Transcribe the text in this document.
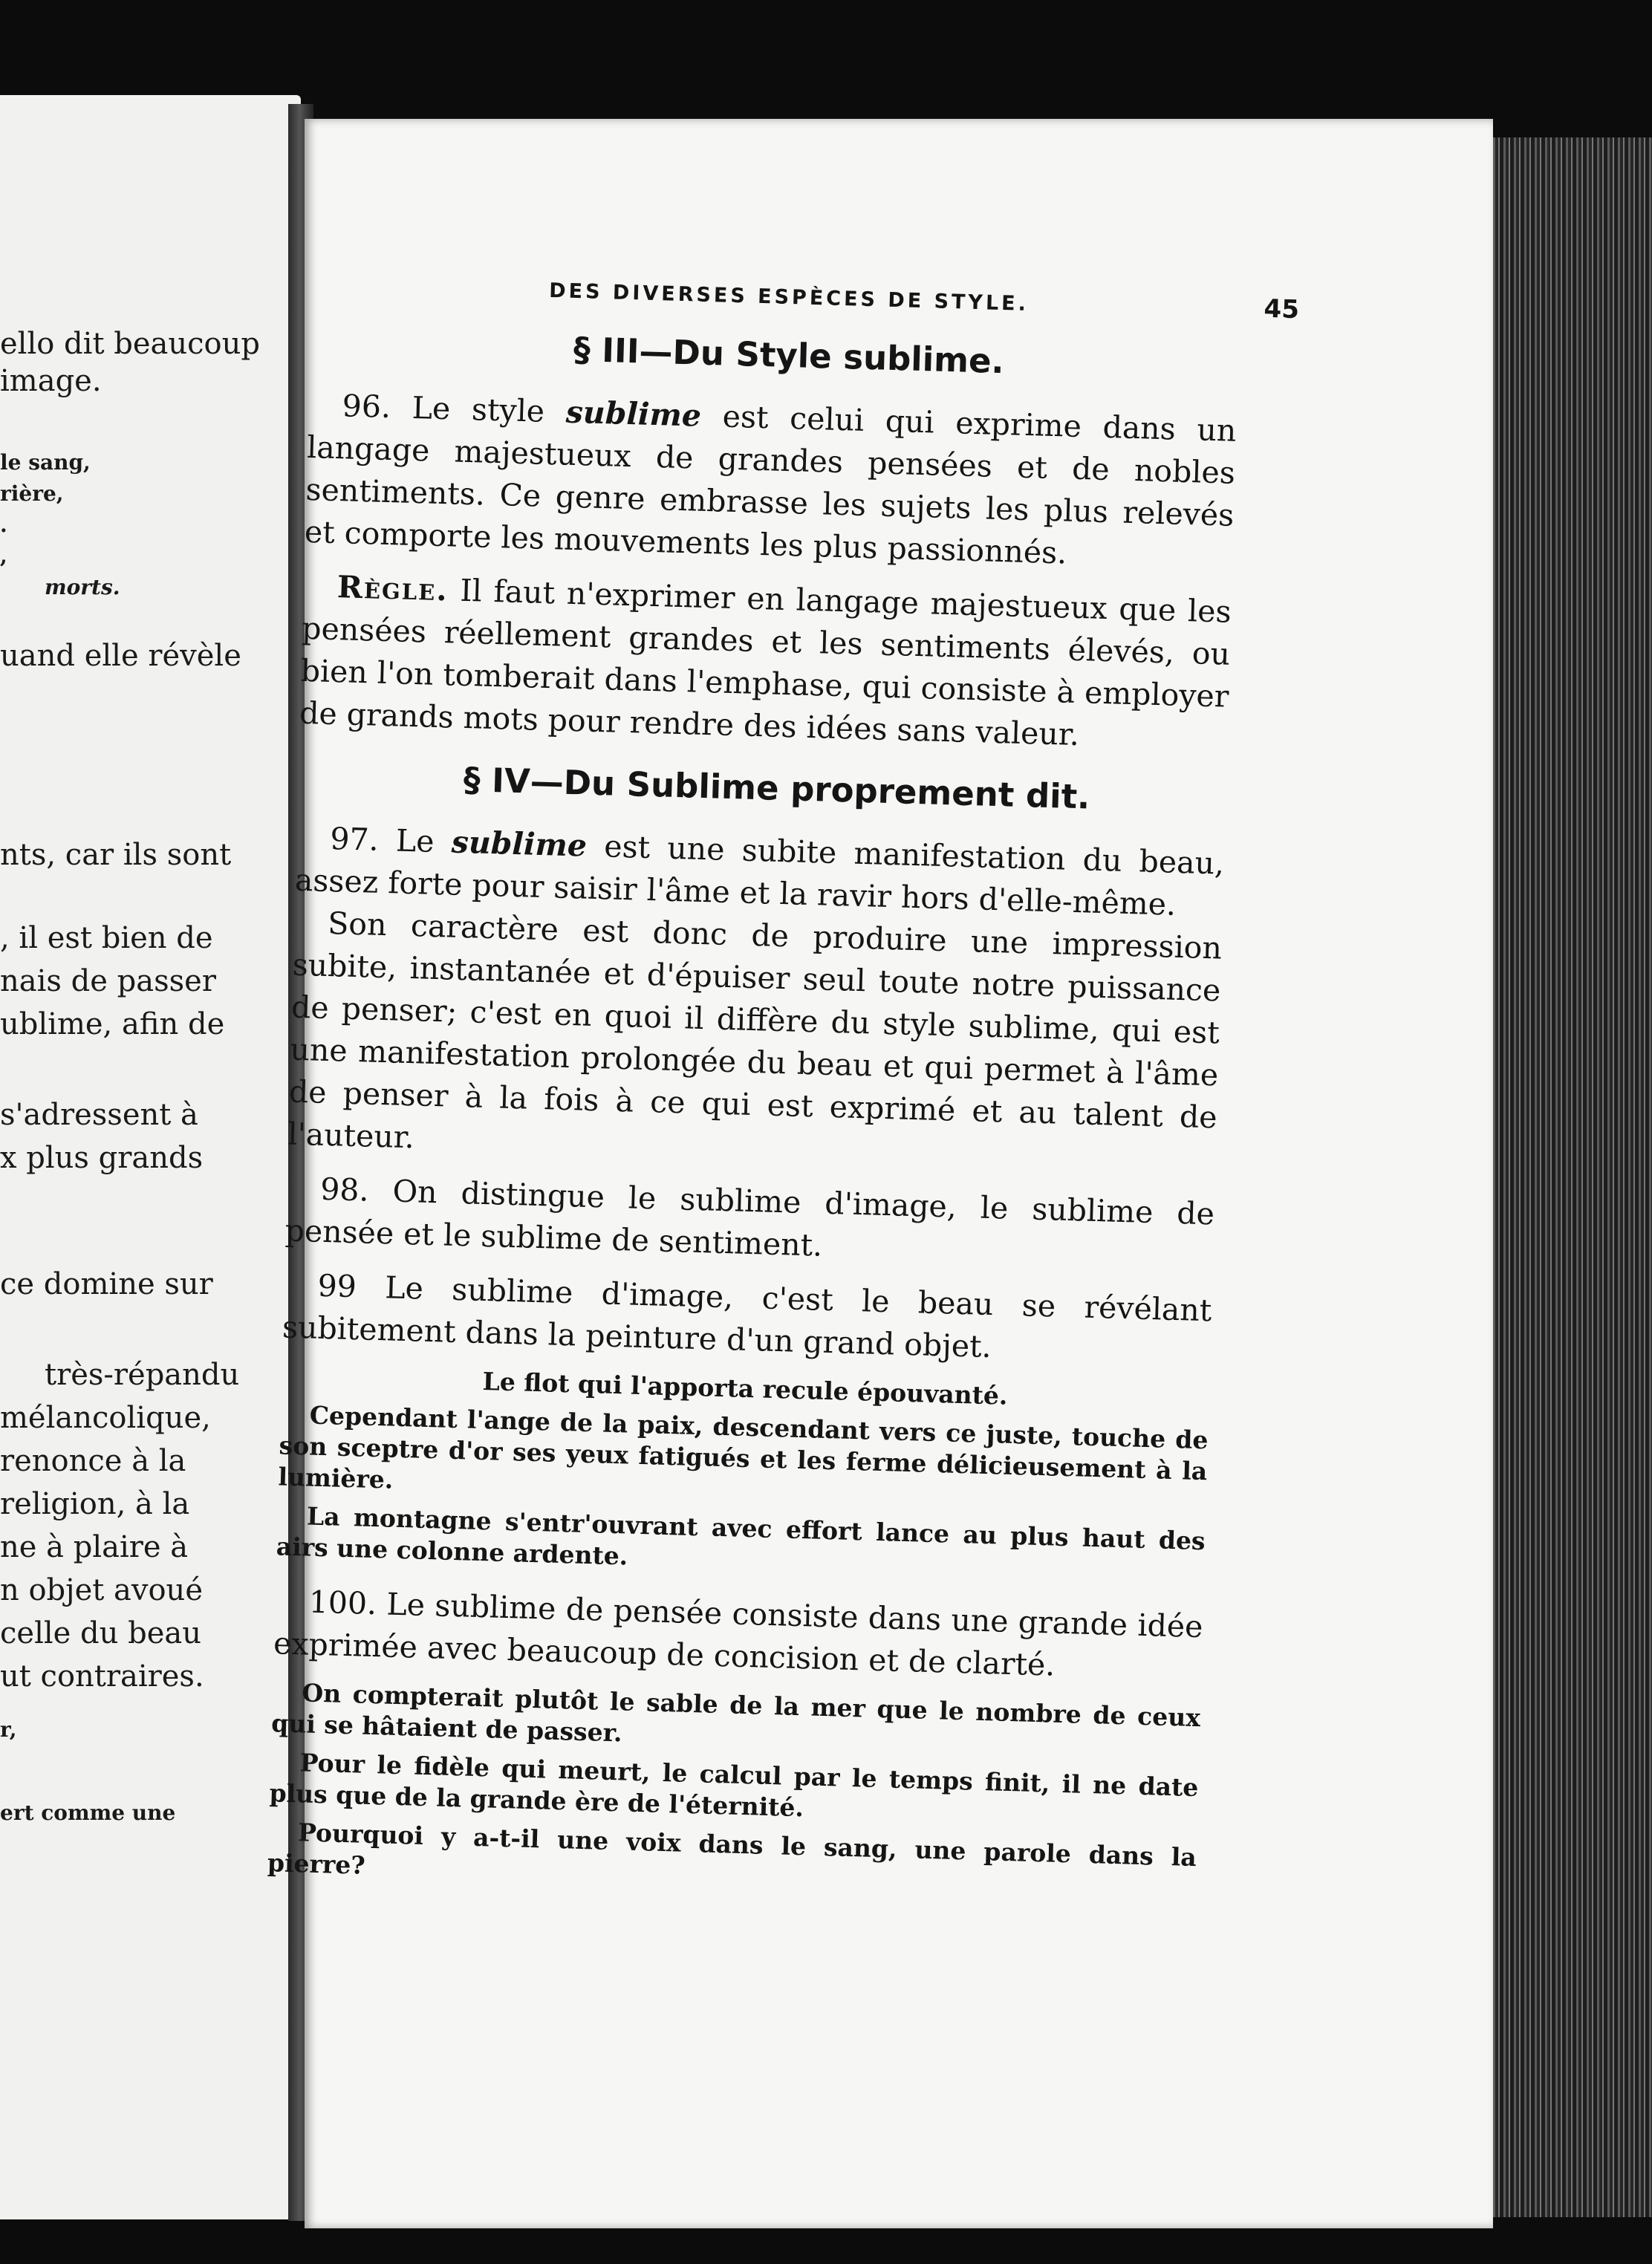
ello dit beaucoup
image.
le sang,
rière,
.
,
morts.
uand elle révèle
nts, car ils sont
, il est bien de
nais de passer
ublime, afin de
s'adressent à
x plus grands
ce domine sur
très-répandu
mélancolique,
renonce à la
religion, à la
ne à plaire à
n objet avoué
celle du beau
ut contraires.
r,
ert comme une
DES DIVERSES ESPÈCES DE STYLE.	45
§ III—Du Style sublime.

96. Le style sublime est celui qui exprime dans un langage majestueux de grandes pensées et de nobles sentiments. Ce genre embrasse les sujets les plus relevés et comporte les mouvements les plus passionnés.

Règle. Il faut n'exprimer en langage majestueux que les pensées réellement grandes et les sentiments élevés, ou bien l'on tomberait dans l'emphase, qui consiste à employer de grands mots pour rendre des idées sans valeur.

§ IV—Du Sublime proprement dit.

97. Le sublime est une subite manifestation du beau, assez forte pour saisir l'âme et la ravir hors d'elle-même.

Son caractère est donc de produire une impression subite, instantanée et d'épuiser seul toute notre puissance de penser; c'est en quoi il diffère du style sublime, qui est une manifestation prolongée du beau et qui permet à l'âme de penser à la fois à ce qui est exprimé et au talent de l'auteur.

98. On distingue le sublime d'image, le sublime de pensée et le sublime de sentiment.

99 Le sublime d'image, c'est le beau se révélant subitement dans la peinture d'un grand objet.

Le flot qui l'apporta recule épouvanté.

Cependant l'ange de la paix, descendant vers ce juste, touche de son sceptre d'or ses yeux fatigués et les ferme délicieusement à la lumière.

La montagne s'entr'ouvrant avec effort lance au plus haut des airs une colonne ardente.

100. Le sublime de pensée consiste dans une grande idée exprimée avec beaucoup de concision et de clarté.

On compterait plutôt le sable de la mer que le nombre de ceux qui se hâtaient de passer.

Pour le fidèle qui meurt, le calcul par le temps finit, il ne date plus que de la grande ère de l'éternité.

Pourquoi y a-t-il une voix dans le sang, une parole dans la pierre?
